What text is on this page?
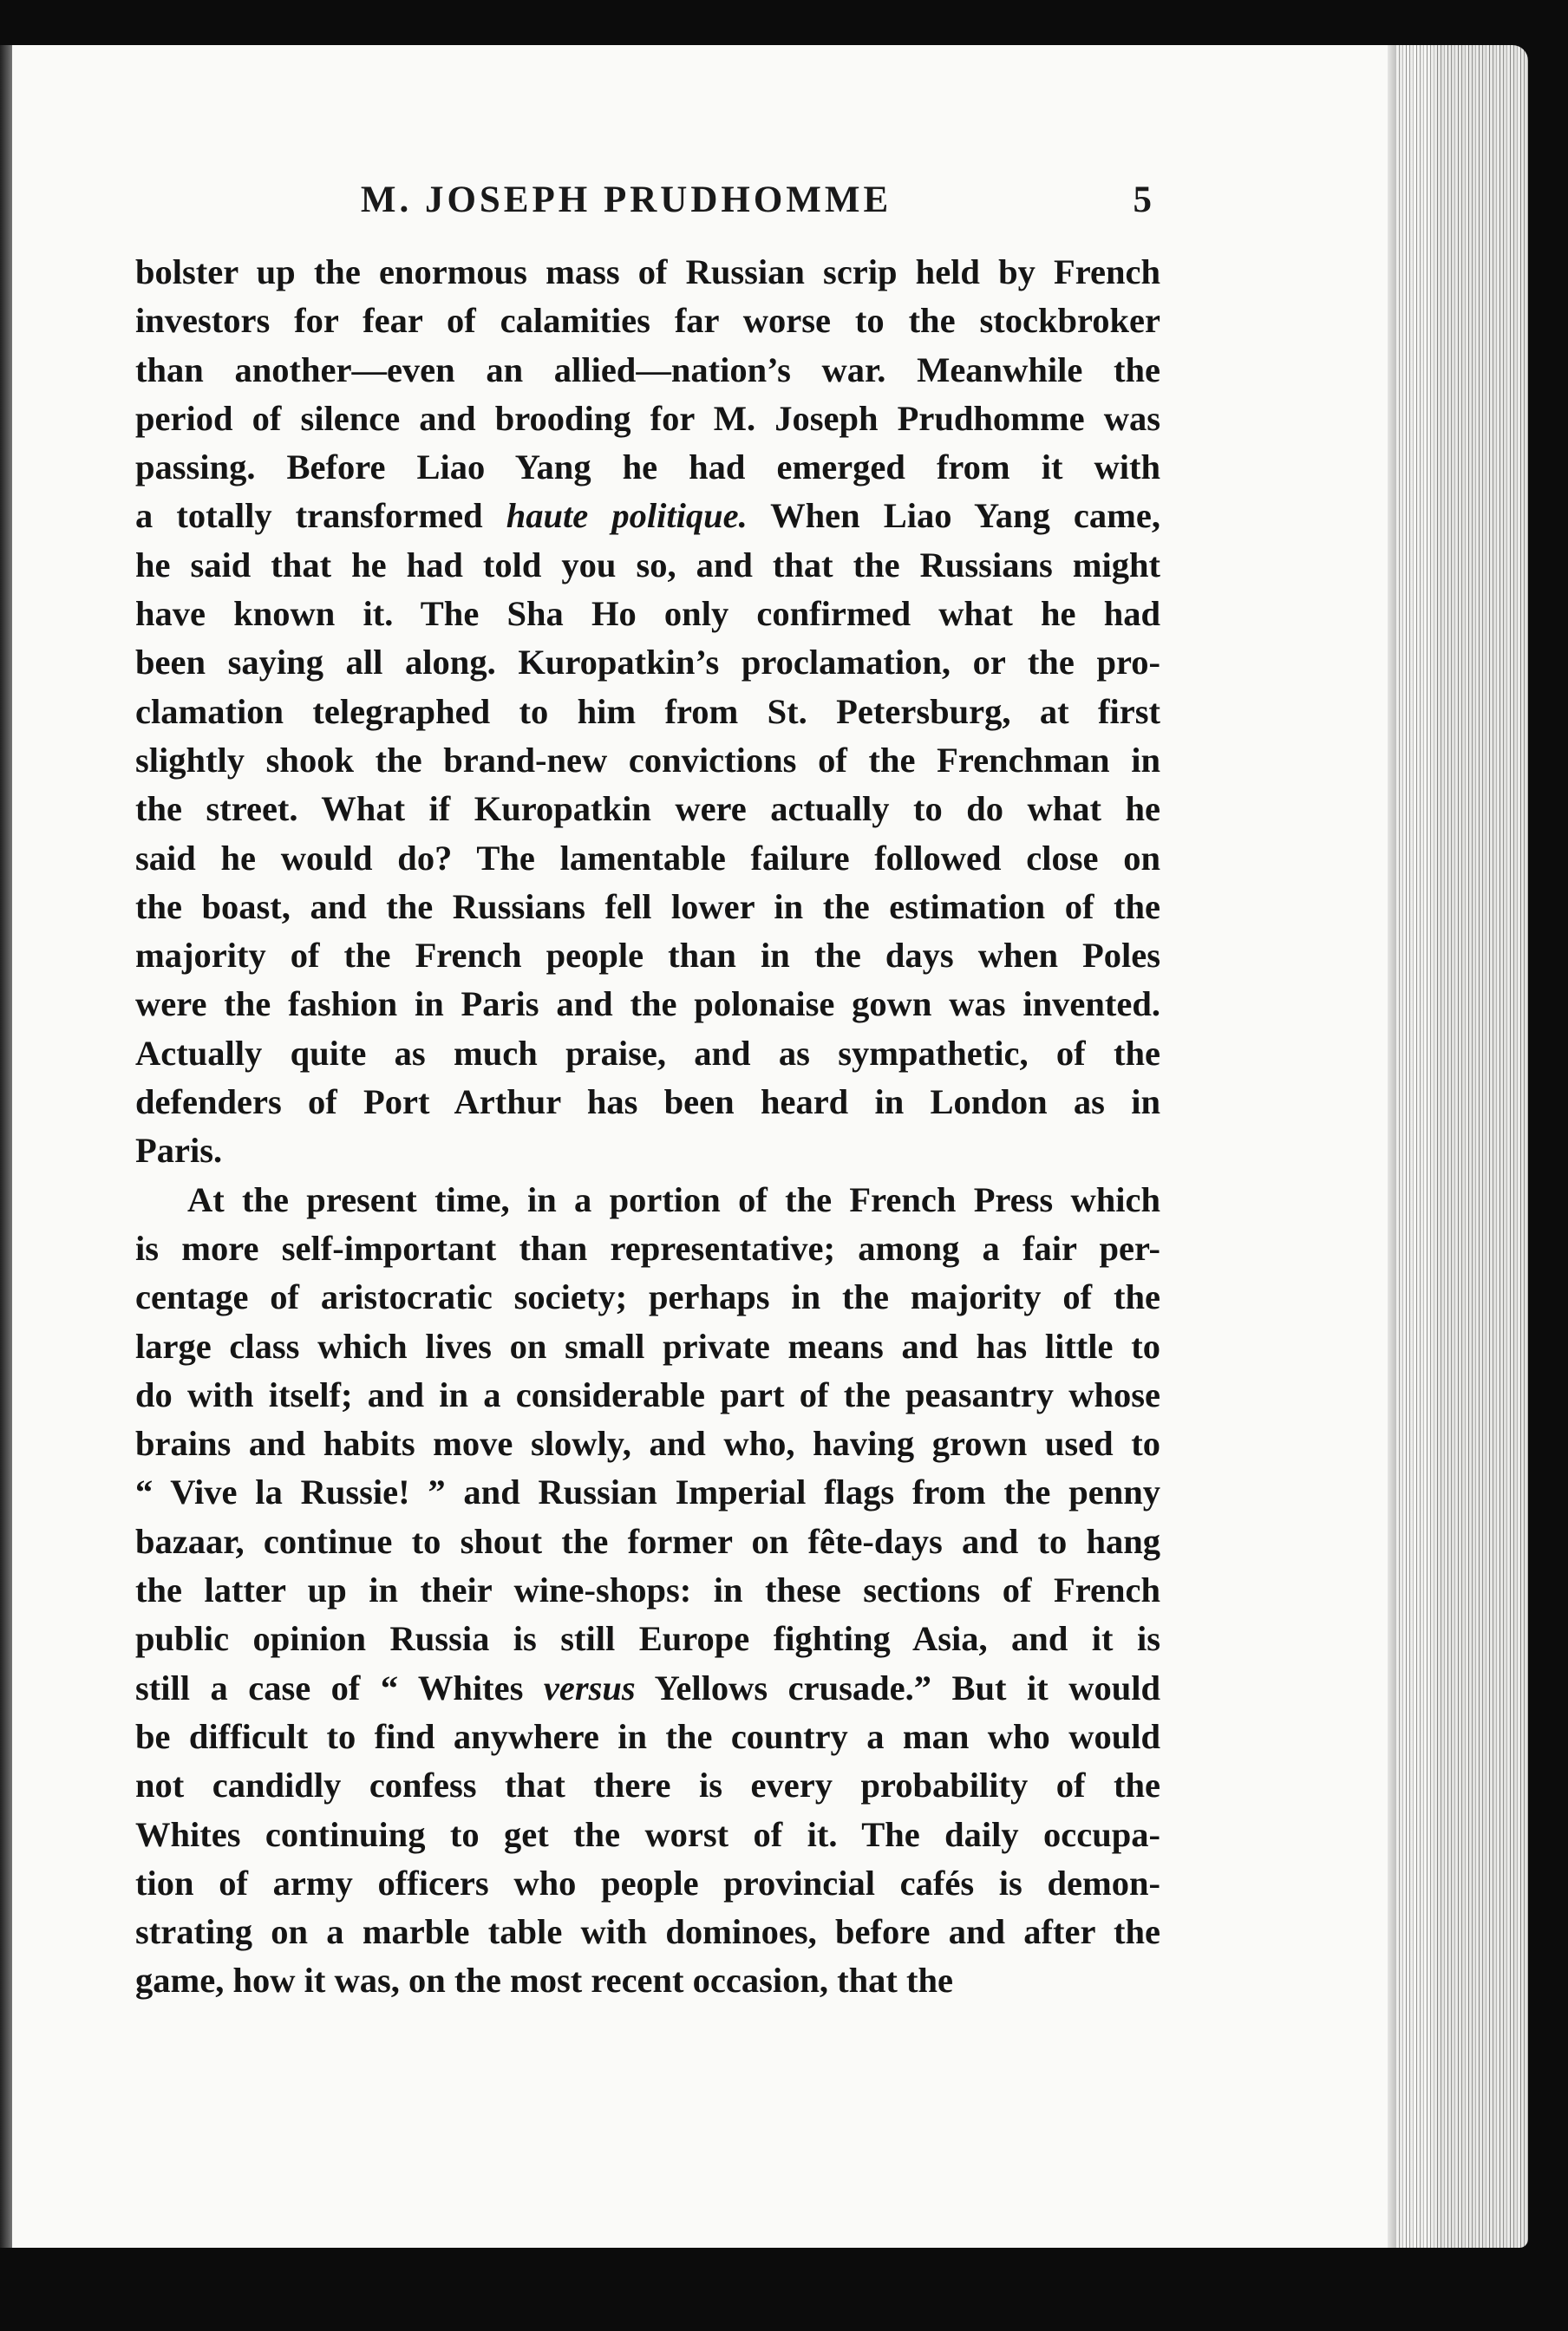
M. JOSEPH PRUDHOMME	5
bolster up the enormous mass of Russian scrip held by French
investors for fear of calamities far worse to the stockbroker
than another—even an allied—nation’s war. Meanwhile the
period of silence and brooding for M. Joseph Prudhomme was
passing. Before Liao Yang he had emerged from it with
a totally transformed haute politique. When Liao Yang came,
he said that he had told you so, and that the Russians might
have known it. The Sha Ho only confirmed what he had
been saying all along. Kuropatkin’s proclamation, or the pro-
clamation telegraphed to him from St. Petersburg, at first
slightly shook the brand-new convictions of the Frenchman in
the street. What if Kuropatkin were actually to do what he
said he would do? The lamentable failure followed close on
the boast, and the Russians fell lower in the estimation of the
majority of the French people than in the days when Poles
were the fashion in Paris and the polonaise gown was invented.
Actually quite as much praise, and as sympathetic, of the
defenders of Port Arthur has been heard in London as in
Paris.
At the present time, in a portion of the French Press which
is more self-important than representative; among a fair per-
centage of aristocratic society; perhaps in the majority of the
large class which lives on small private means and has little to
do with itself; and in a considerable part of the peasantry whose
brains and habits move slowly, and who, having grown used to
“ Vive la Russie! ” and Russian Imperial flags from the penny
bazaar, continue to shout the former on fête-days and to hang
the latter up in their wine-shops: in these sections of French
public opinion Russia is still Europe fighting Asia, and it is
still a case of “ Whites versus Yellows crusade.” But it would
be difficult to find anywhere in the country a man who would
not candidly confess that there is every probability of the
Whites continuing to get the worst of it. The daily occupa-
tion of army officers who people provincial cafés is demon-
strating on a marble table with dominoes, before and after the
game, how it was, on the most recent occasion, that the
